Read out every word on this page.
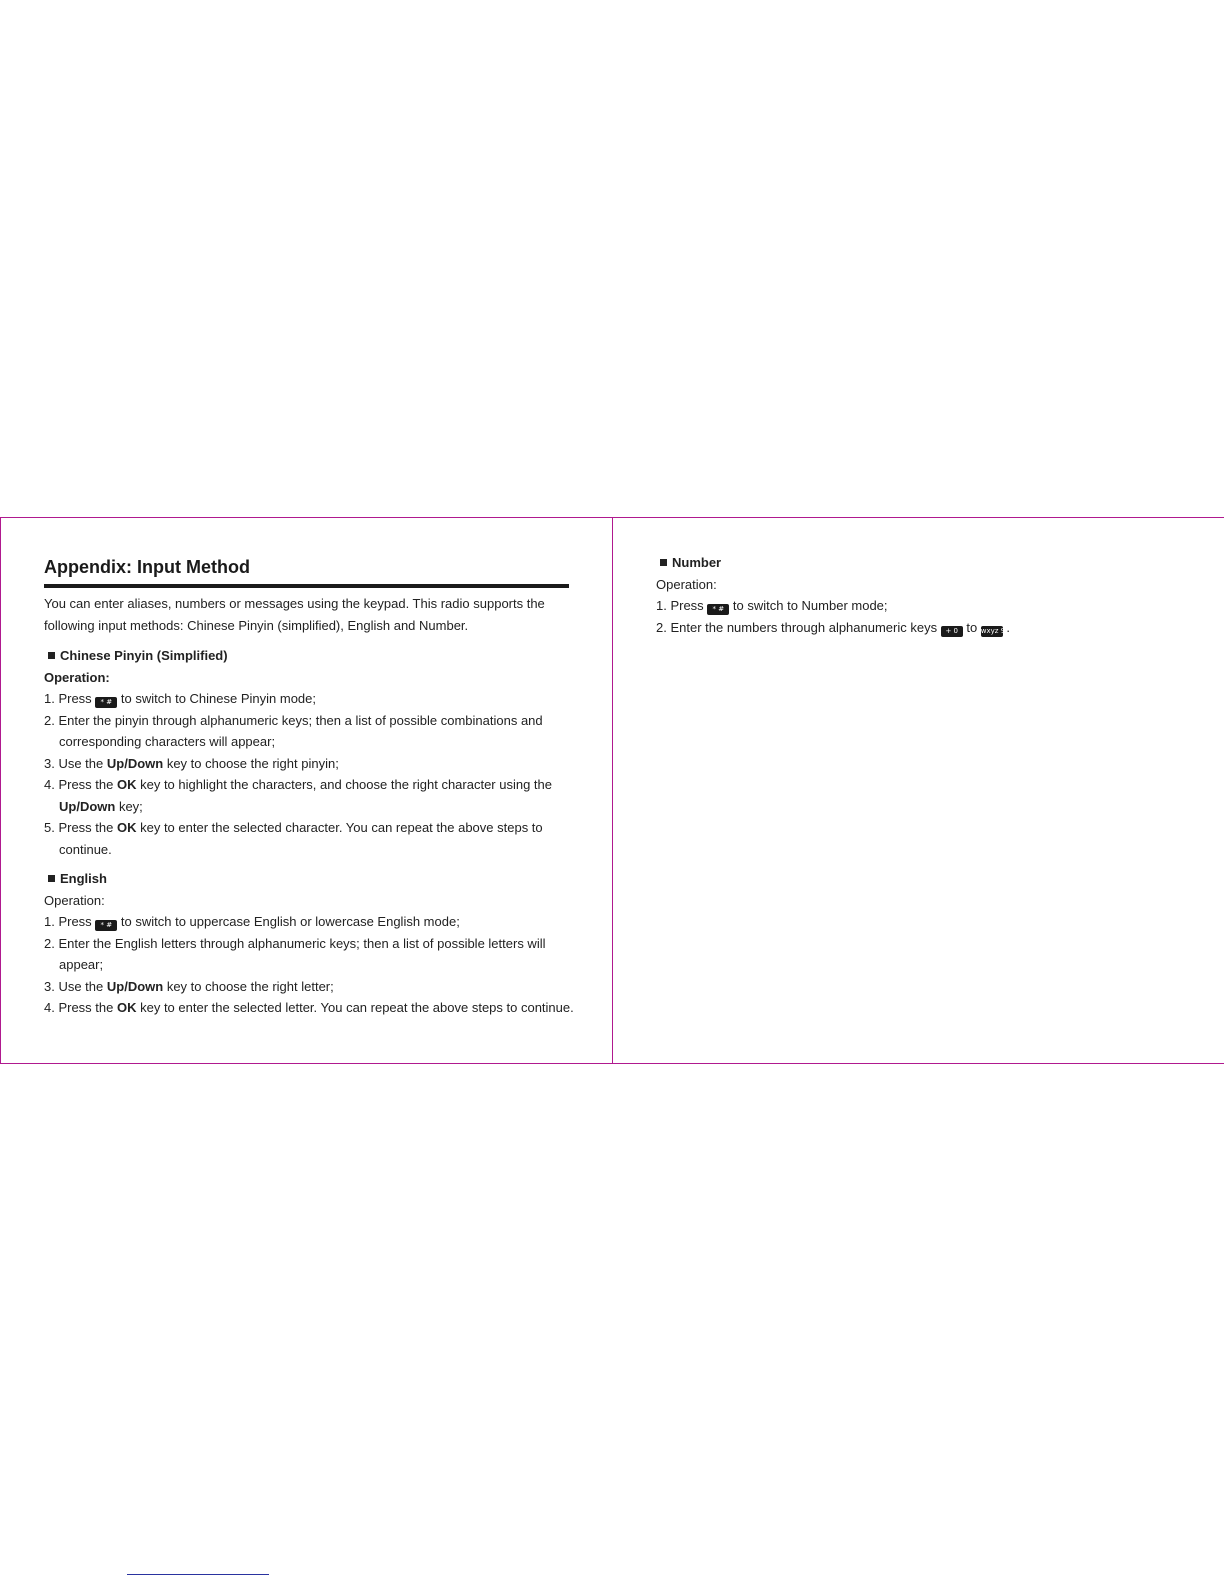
Appendix: Input Method
You can enter aliases, numbers or messages using the keypad. This radio supports the
following input methods: Chinese Pinyin (simplified), English and Number.
Chinese Pinyin (Simplified)
Operation:
1. Press * # to switch to Chinese Pinyin mode;
2. Enter the pinyin through alphanumeric keys; then a list of possible combinations and
corresponding characters will appear;
3. Use the Up/Down key to choose the right pinyin;
4. Press the OK key to highlight the characters, and choose the right character using the
Up/Down key;
5. Press the OK key to enter the selected character. You can repeat the above steps to
continue.
English
Operation:
1. Press * # to switch to uppercase English or lowercase English mode;
2. Enter the English letters through alphanumeric keys; then a list of possible letters will
appear;
3. Use the Up/Down key to choose the right letter;
4. Press the OK key to enter the selected letter. You can repeat the above steps to continue.
Number
Operation:
1. Press * # to switch to Number mode;
2. Enter the numbers through alphanumeric keys + 0 to wxyz 9 .
